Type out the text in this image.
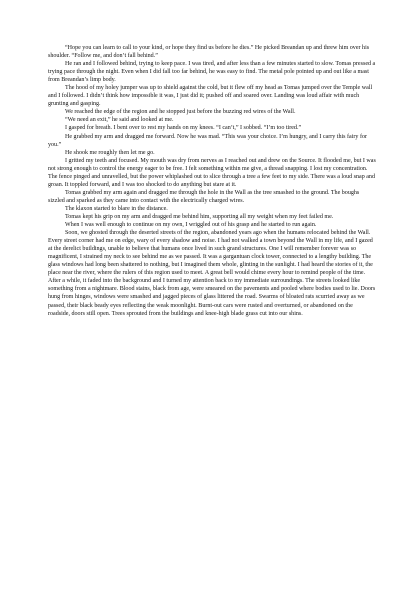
“Hope you can learn to call to your kind, or hope they find us before he dies.” He picked Breandan up and threw him over his shoulder. “Follow me, and don’t fall behind.”

He ran and I followed behind, trying to keep pace. I was tired, and after less than a few minutes started to slow. Tomas pressed a trying pace through the night. Even when I did fall too far behind, he was easy to find. The metal pole pointed up and out like a mast from Breandan’s limp body.

The hood of my holey jumper was up to shield against the cold, but it flew off my head as Tomas jumped over the Temple wall and I followed. I didn’t think how impossible it was, I just did it; pushed off and soared over. Landing was loud affair with much grunting and gasping.

We reached the edge of the region and he stopped just before the buzzing red wires of the Wall.

“We need an exit,” he said and looked at me.

I gasped for breath. I bent over to rest my hands on my knees. “I can’t,” I sobbed. “I’m too tired.”

He grabbed my arm and dragged me forward. Now he was mad. “This was your choice. I’m hungry, and I carry this fairy for you.”

He shook me roughly then let me go.

I gritted my teeth and focused. My mouth was dry from nerves as I reached out and drew on the Source. It flooded me, but I was not strong enough to control the energy eager to be free. I felt something within me give, a thread snapping. I lost my concentration. The fence pinged and unravelled, but the power whiplashed out to slice through a tree a few feet to my side. There was a loud snap and groan. It toppled forward, and I was too shocked to do anything but stare at it.

Tomas grabbed my arm again and dragged me through the hole in the Wall as the tree smashed to the ground. The boughs sizzled and sparked as they came into contact with the electrically charged wires.

The klaxon started to blare in the distance.

Tomas kept his grip on my arm and dragged me behind him, supporting all my weight when my feet failed me.

When I was well enough to continue on my own, I wriggled out of his grasp and he started to run again.

Soon, we ghosted through the deserted streets of the region, abandoned years ago when the humans relocated behind the Wall. Every street corner had me on edge, wary of every shadow and noise. I had not walked a town beyond the Wall in my life, and I gazed at the derelict buildings, unable to believe that humans once lived in such grand structures. One I will remember forever was so magnificent, I strained my neck to see behind me as we passed. It was a gargantuan clock tower, connected to a lengthy building. The glass windows had long been shattered to nothing, but I imagined them whole, glinting in the sunlight. I had heard the stories of it, the place near the river, where the rulers of this region used to meet. A great bell would chime every hour to remind people of the time. After a while, it faded into the background and I turned my attention back to my immediate surroundings. The streets looked like something from a nightmare. Blood stains, black from age, were smeared on the pavements and pooled where bodies used to lie. Doors hung from hinges, windows were smashed and jagged pieces of glass littered the road. Swarms of bloated rats scurried away as we passed, their black beady eyes reflecting the weak moonlight. Burnt-out cars were rusted and overturned, or abandoned on the roadside, doors still open. Trees sprouted from the buildings and knee-high blade grass cut into our shins.
